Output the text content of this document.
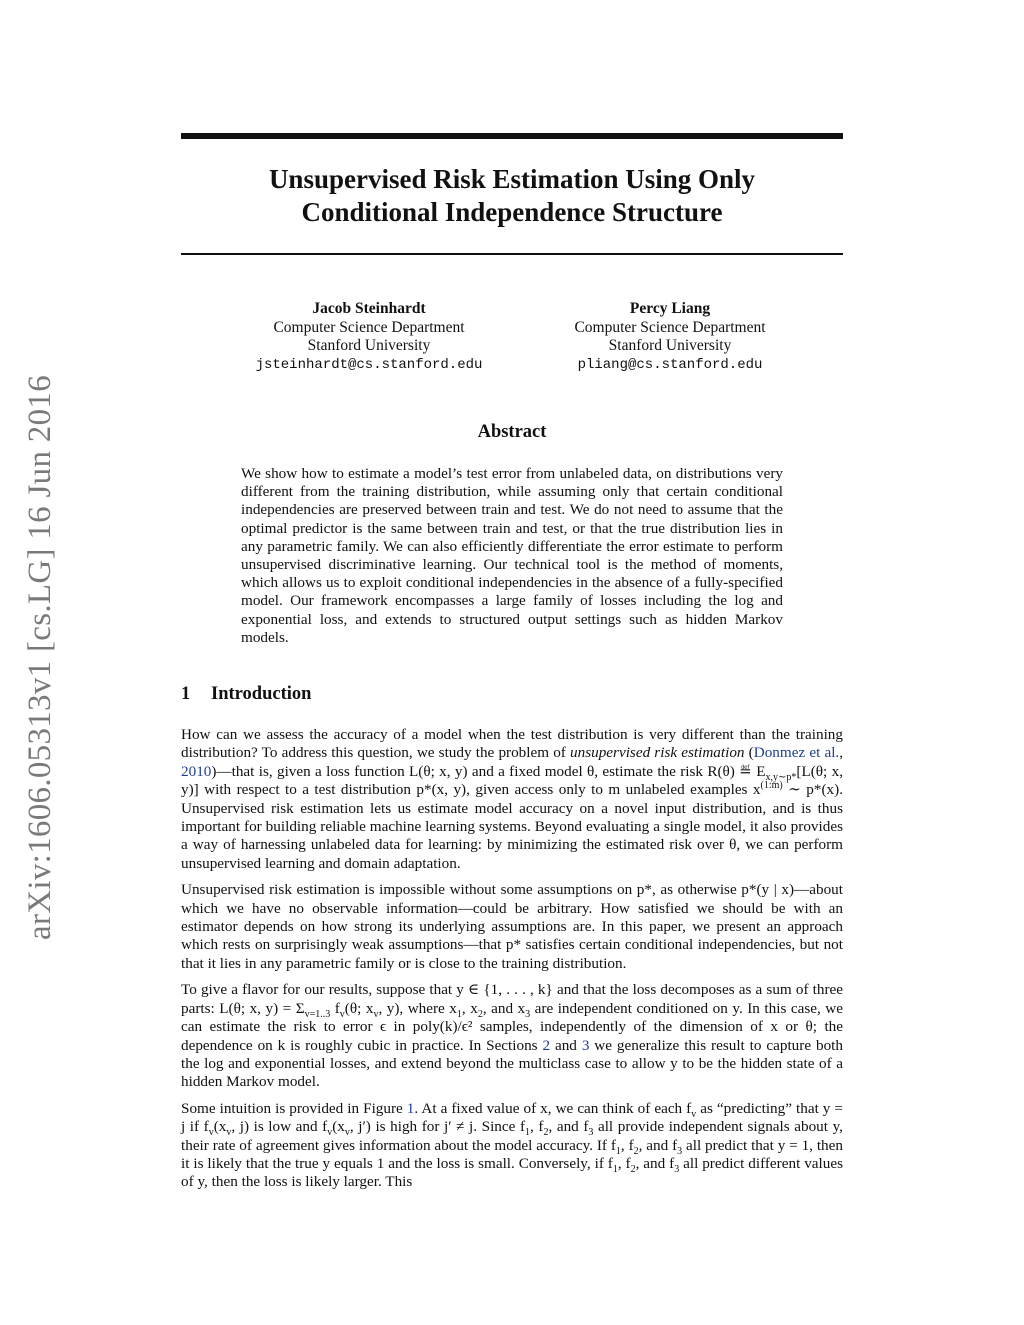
arXiv:1606.05313v1 [cs.LG] 16 Jun 2016
Unsupervised Risk Estimation Using Only
Conditional Independence Structure
Jacob Steinhardt
Computer Science Department
Stanford University
jsteinhardt@cs.stanford.edu
Percy Liang
Computer Science Department
Stanford University
pliang@cs.stanford.edu
Abstract

We show how to estimate a model’s test error from unlabeled data, on distributions very different from the training distribution, while assuming only that certain conditional independencies are preserved between train and test. We do not need to assume that the optimal predictor is the same between train and test, or that the true distribution lies in any parametric family. We can also efficiently differentiate the error estimate to perform unsupervised discriminative learning. Our technical tool is the method of moments, which allows us to exploit conditional independencies in the absence of a fully-specified model. Our framework encompasses a large family of losses including the log and exponential loss, and extends to structured output settings such as hidden Markov models.

1 Introduction

How can we assess the accuracy of a model when the test distribution is very different than the training distribution? To address this question, we study the problem of unsupervised risk estimation (Donmez et al., 2010)—that is, given a loss function L(θ; x, y) and a fixed model θ, estimate the risk R(θ) ≝ $E_{x,y\sim p*}[L(\theta$; x, y)] with respect to a test distribution p*(x, y), given access only to m unlabeled examples $x^{(1:m)}$ ∼ p*(x). Unsupervised risk estimation lets us estimate model accuracy on a novel input distribution, and is thus important for building reliable machine learning systems. Beyond evaluating a single model, it also provides a way of harnessing unlabeled data for learning: by minimizing the estimated risk over θ, we can perform unsupervised learning and domain adaptation.

Unsupervised risk estimation is impossible without some assumptions on p*, as otherwise p*(y | x)—about which we have no observable information—could be arbitrary. How satisfied we should be with an estimator depends on how strong its underlying assumptions are. In this paper, we present an approach which rests on surprisingly weak assumptions—that p* satisfies certain conditional independencies, but not that it lies in any parametric family or is close to the training distribution.

To give a flavor for our results, suppose that y ∈ {1, . . . , k} and that the loss decomposes as a sum of three parts: L(θ; x, $y) = \Sigma_{v=1..3}$ $f_v(\theta$; $x_v$, y), where $x_1$, $x_2$, and $x_3$ are independent conditioned on y. In this case, we can estimate the risk to error ϵ in poly(k)/ϵ² samples, independently of the dimension of x or θ; the dependence on k is roughly cubic in practice. In Sections 2 and 3 we generalize this result to capture both the log and exponential losses, and extend beyond the multiclass case to allow y to be the hidden state of a hidden Markov model.

Some intuition is provided in Figure 1. At a fixed value of x, we can think of each $f_v$ as “predicting” that y = j if $f_v(x_v$, j) is low and $f_v(x_v$, j′) is high for j′ ≠ j. Since $f_1$, $f_2$, and $f_3$ all provide independent signals about y, their rate of agreement gives information about the model accuracy. If $f_1$, $f_2$, and $f_3$ all predict that y = 1, then it is likely that the true y equals 1 and the loss is small. Conversely, if $f_1$, $f_2$, and $f_3$ all predict different values of y, then the loss is likely larger. This
